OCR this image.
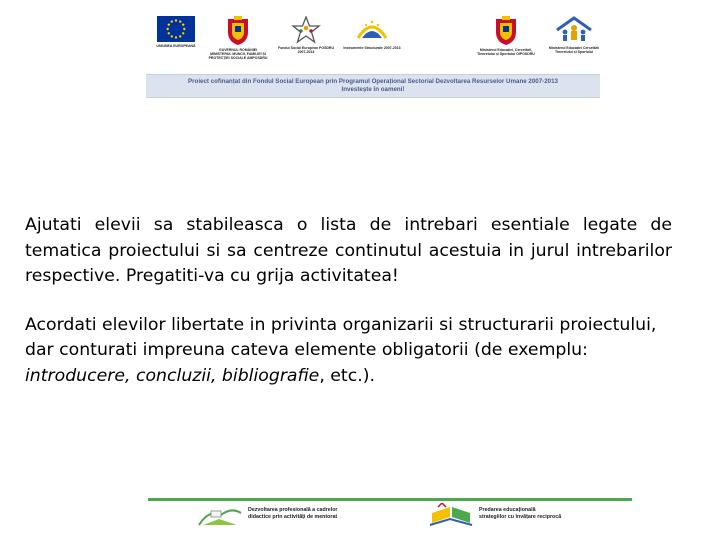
UNIUNEA EUROPEANĂ
GUVERNUL ROMÂNIEI MINISTERUL MUNCII, FAMILIEI ȘI PROTECȚIEI SOCIALE AMPOSDRU
Fondul Social European POSDRU 2007-2013
Instrumente Structurale 2007-2013	Ministerul Educației, Cercetării, Tineretului și Sportului OIPOSDRU
Ministerul Educației Cercetării Tineretului și Sportului
Proiect cofinanțat din Fondul Social European prin Programul Operațional Sectorial Dezvoltarea Resurselor Umane 2007-2013
Investește în oameni!

Ajutati elevii sa stabileasca o lista de intrebari esentiale legate de tematica proiectului si sa centreze continutul acestuia in jurul intrebarilor respective. Pregatiti-va cu grija activitatea!

Acordati elevilor libertate in privinta organizarii si structurarii proiectului, dar conturati impreuna cateva elemente obligatorii (de exemplu: introducere, concluzii, bibliografie, etc.).

Dezvoltarea profesională a cadrelor
didactice prin activități de mentorat
Predarea educațională
strategiilor cu învățare reciprocă
